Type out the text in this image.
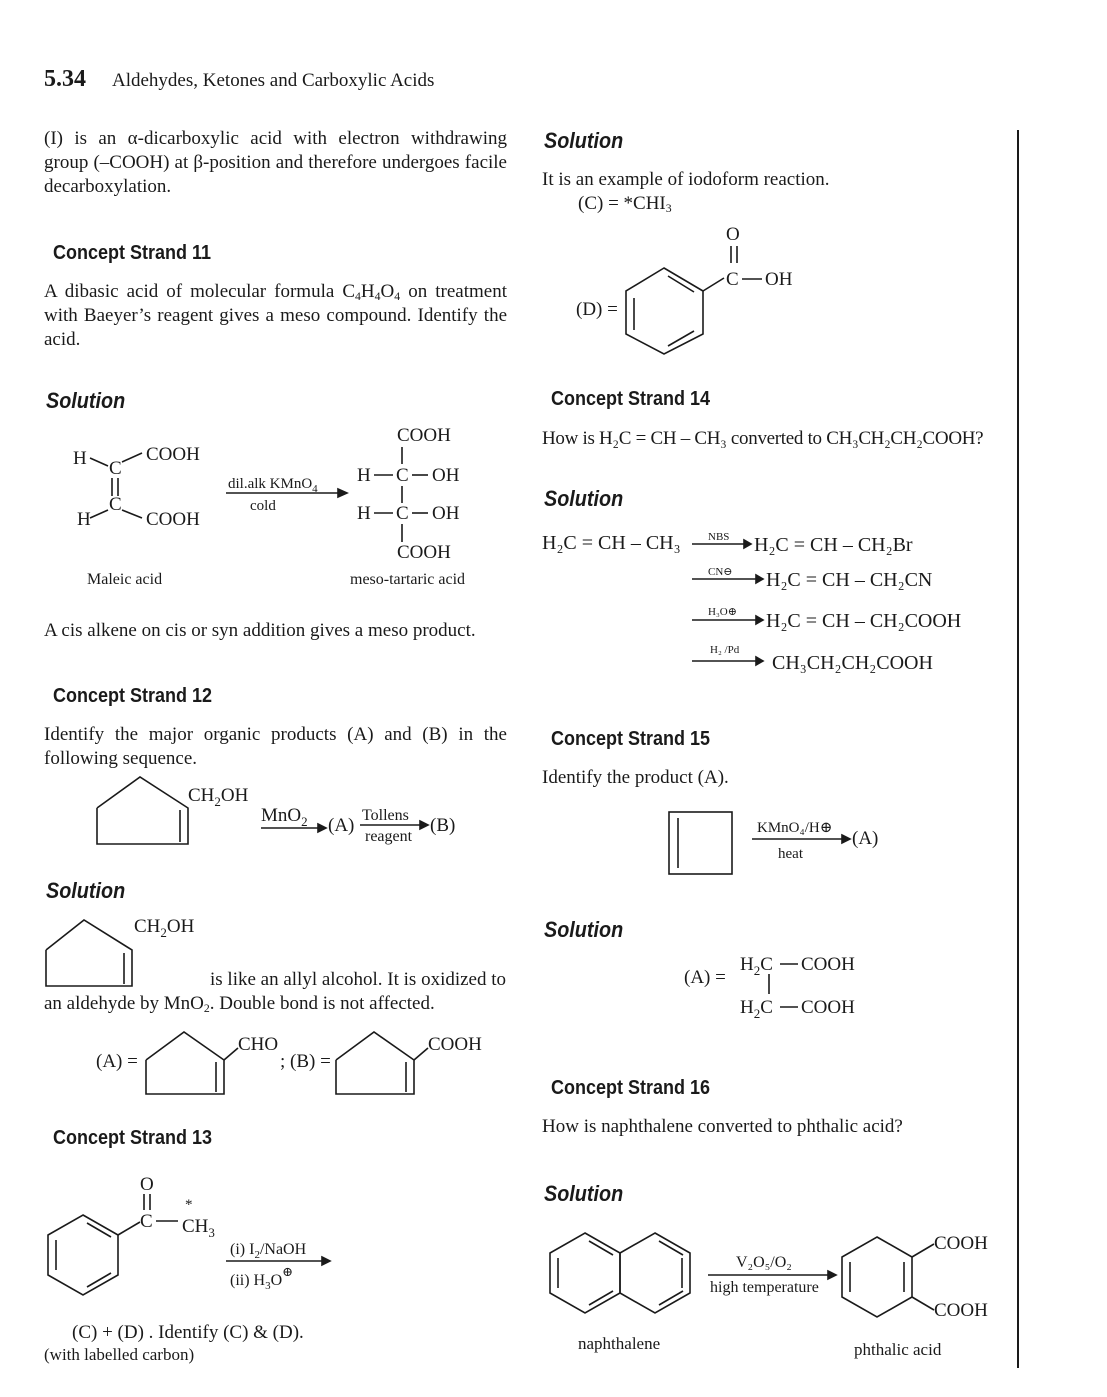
5.34 Aldehydes, Ketones and Carboxylic Acids
(I) is an α-dicarboxylic acid with electron withdrawing group (–COOH) at β-position and therefore undergoes facile decarboxylation.
Concept Strand 11
A dibasic acid of molecular formula $C_4H_4O_4$ on treatment with Baeyer’s reagent gives a meso compound. Identify the acid.
Solution
H C
COOH
C
H	COOH
Maleic acid
dil.alk KMnO$_4$
cold
COOH
H C OH
H C OH
COOH
meso-tartaric acid
A cis alkene on cis or syn addition gives a meso product.
Concept Strand 12
Identify the major organic products (A) and (B) in the following sequence.
$CH_2OH$
MnO$_2$ (A) Tollens
reagent
(B)
Solution
$CH_2OH$
is like an allyl alcohol. It is oxidized to
an aldehyde by MnO$_2$. Double bond is not affected.
(A) =
CHO
; (B) =
COOH
Concept Strand 13
C
O
*
$CH_3$
(i) $I_2$/NaOH
(ii) $H_3O^\oplus$
(C) + (D) . Identify (C) & (D).
(with labelled carbon)
Solution
It is an example of iodoform reaction.
$(C) = *CHI_3$
(D) =
C
O
OH
Concept Strand 14
How is H₂C = CH – CH₃ converted to CH₃CH₂CH₂COOH?
Solution
H₂C = CH – CH₃ NBS H₂C = CH – CH₂Br
CN⊖ H₂C = CH – CH₂CN
H₃O⊕ H₂C = CH – CH₂COOH
H₂ /Pd
CH₃CH₂CH₂COOH
Concept Strand 15
Identify the product (A).
KMnO₄/H⊕
heat
(A)
Solution
(A) =
$H_2C$ COOH
$H_2C$ COOH
Concept Strand 16
How is naphthalene converted to phthalic acid?
Solution
naphthalene
V₂O₅/O₂
high temperature
COOH
COOH
phthalic acid
